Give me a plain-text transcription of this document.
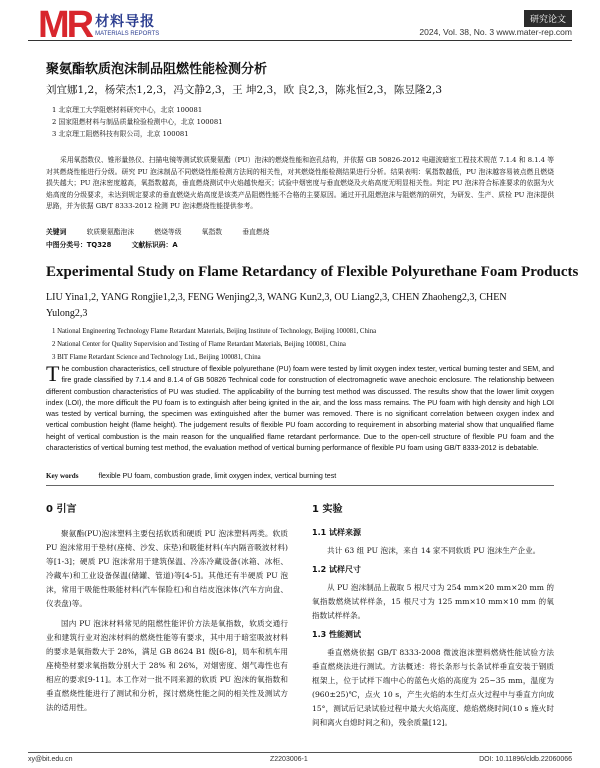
MR 材料导报
MATERIALS REPORTS
研究论文
2024, Vol. 38, No. 3 www.mater-rep.com
聚氨酯软质泡沫制品阻燃性能检测分析
刘宜娜1,2，杨荣杰1,2,3，冯文静2,3，王 坤2,3，欧 良2,3，陈兆恒2,3，陈昱隆2,3
1 北京理工大学阻燃材料研究中心，北京 100081
2 国家阻燃材料与制品质量检验检测中心，北京 100081
3 北京理工阻燃科技有限公司，北京 100081
采用氧指数仪、锥形量热仪、扫描电镜等测试软质聚氨酯（PU）泡沫的燃烧性能和泡孔结构，并依据 GB 50826-2012 电磁波暗室工程技术规范 7.1.4 和 8.1.4 等对其燃烧性能进行分级。研究 PU 泡沫制品不同燃烧性能检测方法间的相关性，对其燃烧性能检测结果进行分析。结果表明：氧指数越低，PU 泡沫越容易被点燃且燃烧损失越大；PU 泡沫密度越高，氧指数越高，垂直燃烧测试中火焰越快熄灭；试验中烟密度与垂直燃烧及火焰高度无明显相关性。判定 PU 泡沫符合标准要求的依据为火焰高度的分级要求，未达到规定要求的垂直燃烧火焰高度是该类产品阻燃性能不合格的主要原因。通过开孔阻燃泡沫与阻燃剂的研究，为研发、生产、质检 PU 泡沫提供思路，并为依据 GB/T 8333-2012 检测 PU 泡沫燃烧性能提供参考。
关键词	软质聚氨酯泡沫	燃烧等级	氧指数	垂直燃烧
中图分类号：TQ328	文献标识码：A
Experimental Study on Flame Retardancy of Flexible Polyurethane Foam Products
LIU Yina1,2, YANG Rongjie1,2,3, FENG Wenjing2,3, WANG Kun2,3, OU Liang2,3, CHEN Zhaoheng2,3, CHEN Yulong2,3
1 National Engineering Technology Flame Retardant Materials, Beijing Institute of Technology, Beijing 100081, China
2 National Center for Quality Supervision and Testing of Flame Retardant Materials, Beijing 100081, China
3 BIT Flame Retardant Science and Technology Ltd., Beijing 100081, China
The combustion characteristics, cell structure of flexible polyurethane (PU) foam were tested by limit oxygen index tester, vertical burning tester and SEM, and fire grade classified by 7.1.4 and 8.1.4 of GB 50826 Technical code for construction of electromagnetic wave anechoic enclosure. The relationship between different combustion characteristics of PU was studied. The applicability of the burning test method was discussed. The results show that the lower limit oxygen index (LOI), the more difficult the PU foam is to extinguish after being ignited in the air, and the loss mass remains. The PU foam with high density and high LOI was tested by vertical burning, the specimen was extinguished after the burner was removed. There is no significant correlation between oxygen index and vertical combustion height (flame height). The judgement results of flexible PU foam according to requirement in absorbing material show that unqualified flame height of vertical combustion is the main reason for the unqualified flame retardant performance. Due to the open-cell structure of flexible PU foam and the characteristics of vertical burning test method, the evaluation method of vertical burning performance of flexible PU foam using GB/T 8333-2012 is debatable.
Key words	flexible PU foam, combustion grade, limit oxygen index, vertical burning test
0 引言

聚氨酯(PU)泡沫塑料主要包括软质和硬质 PU 泡沫塑料两类。软质 PU 泡沫常用于垫材(座椅、沙发、床垫)和吸能材料(车内隔音吸波材料)等[1-3]；硬质 PU 泡沫常用于建筑保温、冷冻冷藏设备(冰箱、冰柜、冷藏车)和工业设备保温(储罐、管道)等[4-5]。其他还有半硬质 PU 泡沫，常用于吸能性吸能材料(汽车保险杠)和自结皮泡沫体(汽车方向盘、仪表盘)等。

国内 PU 泡沫材料常见的阻燃性能评价方法是氧指数，软质交通行业和建筑行业对泡沫材料的燃烧性能等有要求，其中用于暗室吸波材料的要求是氧指数大于 28%，满足 GB 8624 B1 级[6-8]，局车和机车用座椅垫材要求氧指数分别大于 28% 和 26%，对烟密度、烟气毒性也有相应的要求[9-11]。本工作对一批不同来源的软质 PU 泡沫的氧指数和垂直燃烧性能进行了测试和分析，探讨燃烧性能之间的相关性及测试方法的适用性。

1 实验
1.1 试样来源

共计 63 组 PU 泡沫，来自 14 家不同软质 PU 泡沫生产企业。

1.2 试样尺寸

从 PU 泡沫制品上裁取 5 根尺寸为 254 mm×20 mm×20 mm 的氧指数燃烧试样样条，15 根尺寸为 125 mm×10 mm×10 mm 的氧指数试样样条。

1.3 性能测试

垂直燃烧依据 GB/T 8333-2008 微波泡沫塑料燃烧性能试验方法 垂直燃烧法进行测试。方法概述：将长条形与长条试样垂直安装于钢质框架上，位于试样下端中心的蓝色火焰的高度为 25~35 mm，温度为(960±25)℃，点火 10 s，产生火焰的本生灯点火过程中与垂直方向成 15°，测试后记录试验过程中最大火焰高度、熄焰燃烧时间(10 s 施火时间和离火自熄时间之和)，残余质量[12]。

xy@bit.edu.cn	Z2203006-1	DOI: 10.11896/cldb.22060066
